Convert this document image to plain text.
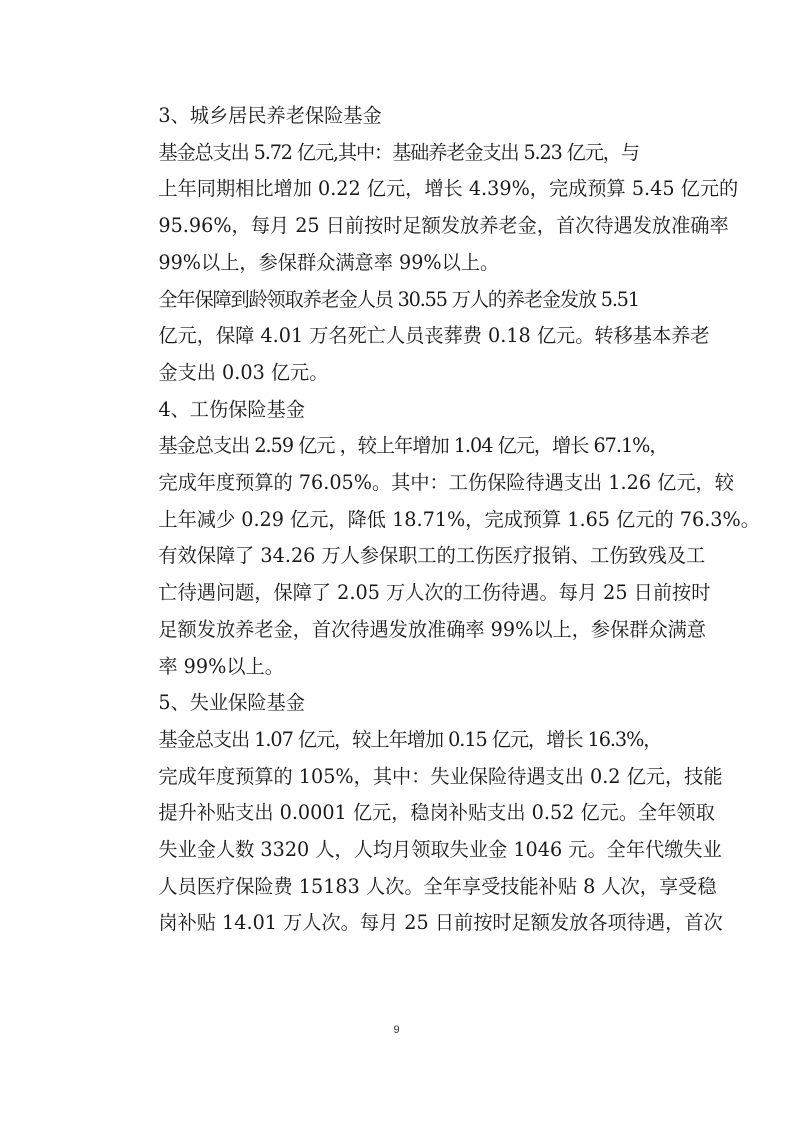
3、城乡居民养老保险基金

基金总支出 5.72 亿元,其中：基础养老金支出 5.23 亿元，与
上年同期相比增加 0.22 亿元，增长 4.39%，完成预算 5.45 亿元的
95.96%，每月 25 日前按时足额发放养老金，首次待遇发放准确率
99%以上，参保群众满意率 99%以上。

全年保障到龄领取养老金人员 30.55 万人的养老金发放 5.51
亿元，保障 4.01 万名死亡人员丧葬费 0.18 亿元。转移基本养老
金支出 0.03 亿元。

4、工伤保险基金

基金总支出 2.59 亿元 ，较上年增加 1.04 亿元，增长 67.1%，
完成年度预算的 76.05%。其中：工伤保险待遇支出 1.26 亿元，较
上年减少 0.29 亿元，降低 18.71%，完成预算 1.65 亿元的 76.3%。
有效保障了 34.26 万人参保职工的工伤医疗报销、工伤致残及工
亡待遇问题，保障了 2.05 万人次的工伤待遇。每月 25 日前按时
足额发放养老金，首次待遇发放准确率 99%以上，参保群众满意
率 99%以上。

5、失业保险基金

基金总支出 1.07 亿元，较上年增加 0.15 亿元，增长 16.3%，
完成年度预算的 105%，其中：失业保险待遇支出 0.2 亿元，技能
提升补贴支出 0.0001 亿元，稳岗补贴支出 0.52 亿元。全年领取
失业金人数 3320 人，人均月领取失业金 1046 元。全年代缴失业
人员医疗保险费 15183 人次。全年享受技能补贴 8 人次，享受稳
岗补贴 14.01 万人次。每月 25 日前按时足额发放各项待遇，首次

9
